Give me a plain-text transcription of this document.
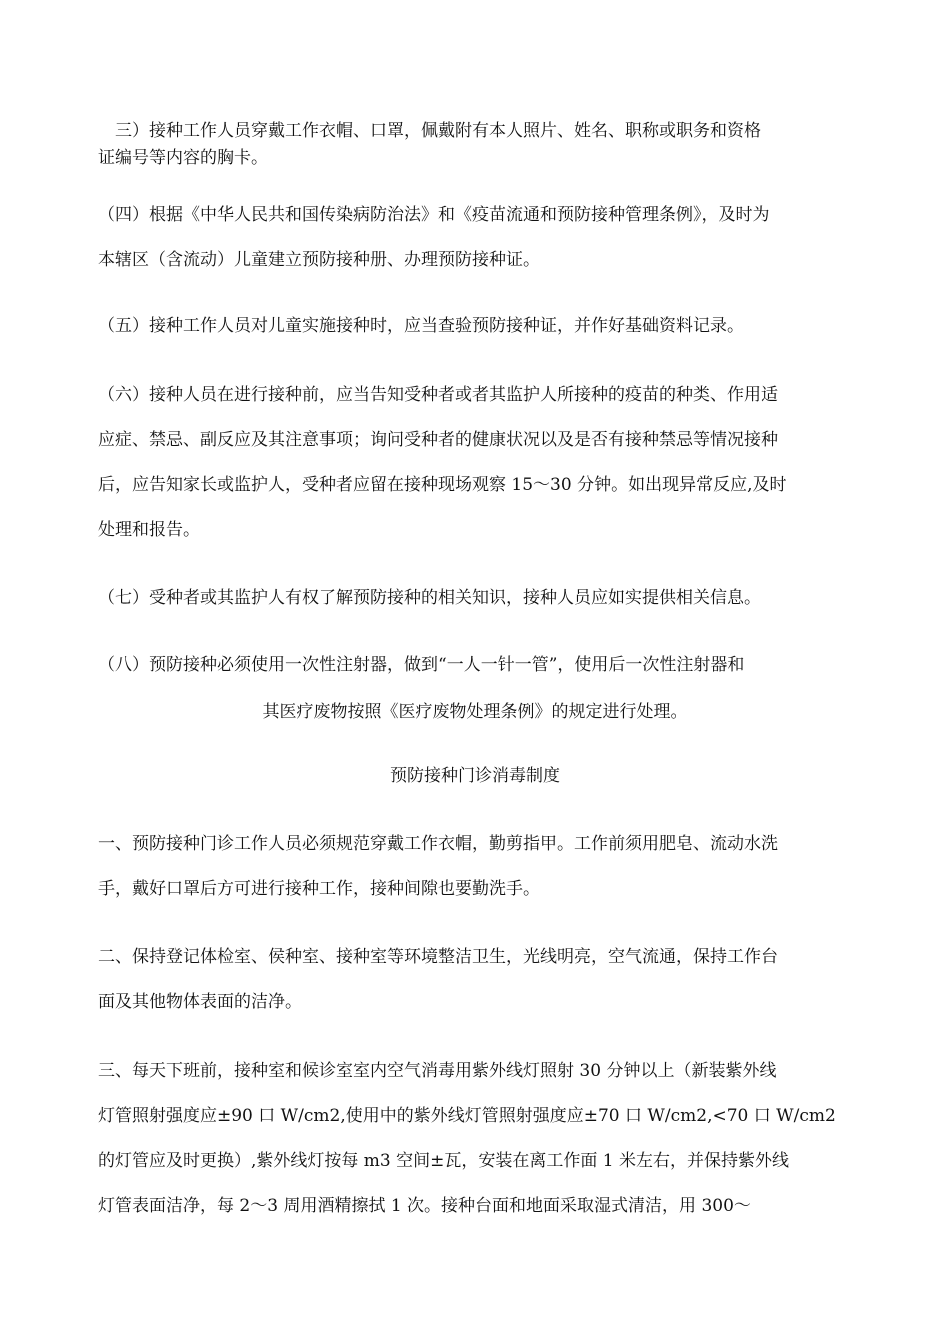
　三）接种工作人员穿戴工作衣帽、口罩，佩戴附有本人照片、姓名、职称或职务和资格
证编号等内容的胸卡。
（四）根据《中华人民共和国传染病防治法》和《疫苗流通和预防接种管理条例》，及时为
本辖区（含流动）儿童建立预防接种册、办理预防接种证。
（五）接种工作人员对儿童实施接种时，应当查验预防接种证，并作好基础资料记录。
（六）接种人员在进行接种前，应当告知受种者或者其监护人所接种的疫苗的种类、作用适
应症、禁忌、副反应及其注意事项；询问受种者的健康状况以及是否有接种禁忌等情况接种
后，应告知家长或监护人，受种者应留在接种现场观察 15〜30 分钟。如出现异常反应,及时
处理和报告。
（七）受种者或其监护人有权了解预防接种的相关知识，接种人员应如实提供相关信息。
（八）预防接种必须使用一次性注射器，做到“一人一针一管”，使用后一次性注射器和
其医疗废物按照《医疗废物处理条例》的规定进行处理。
预防接种门诊消毒制度
一、预防接种门诊工作人员必须规范穿戴工作衣帽，勤剪指甲。工作前须用肥皂、流动水洗
手，戴好口罩后方可进行接种工作，接种间隙也要勤洗手。
二、保持登记体检室、侯种室、接种室等环境整洁卫生，光线明亮，空气流通，保持工作台
面及其他物体表面的洁净。
三、每天下班前，接种室和候诊室室内空气消毒用紫外线灯照射 30 分钟以上（新装紫外线
灯管照射强度应±90 口 W/cm2,使用中的紫外线灯管照射强度应±70 口 W/cm2,<70 口 W/cm2
的灯管应及时更换）,紫外线灯按每 m3 空间±瓦，安装在离工作面 1 米左右，并保持紫外线
灯管表面洁净，每 2〜3 周用酒精擦拭 1 次。接种台面和地面采取湿式清洁，用 300〜
